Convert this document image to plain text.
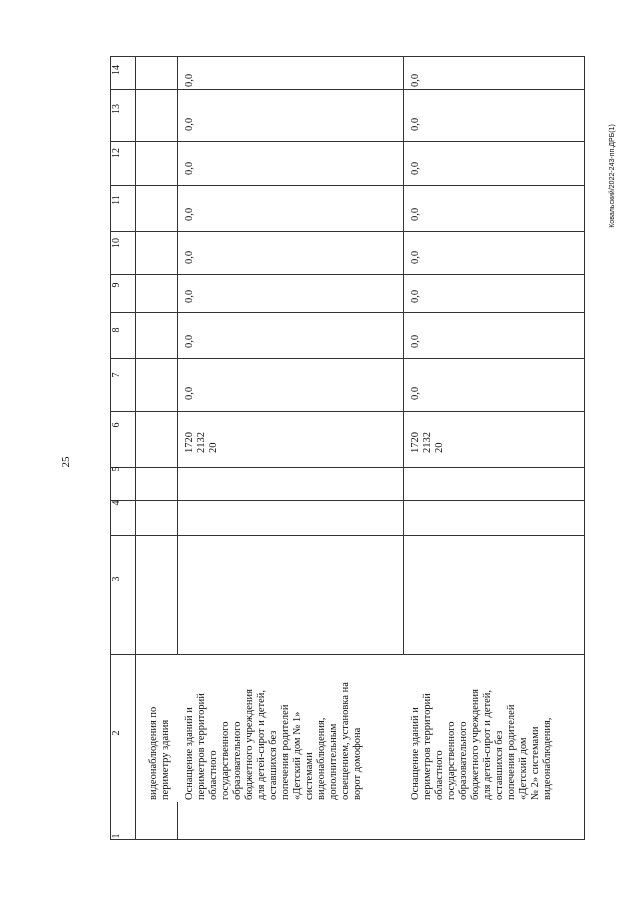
25
Ковальский/2022-243-пп.ДРБ(1)
1
2
3
4
5
6
7
8
9
10
11
12
13
14
видеонаблюдения по
периметру здания
Оснащение зданий и
периметров территорий
областного
государственного
образовательного
бюджетного учреждения
для детей-сирот и детей,
оставшихся без
попечения родителей
«Детский дом № 1»
системами
видеонаблюдения,
дополнительным
освещением, установка на
ворот домофона
1720
2132
20
0,0
0,0
0,0
0,0
0,0
0,0
0,0
0,0
Оснащение зданий и
периметров территорий
областного
государственного
образовательного
бюджетного учреждения
для детей-сирот и детей,
оставшихся без
попечения родителей
«Детский дом
№ 2» системами
видеонаблюдения,
1720
2132
20
0,0
0,0
0,0
0,0
0,0
0,0
0,0
0,0
